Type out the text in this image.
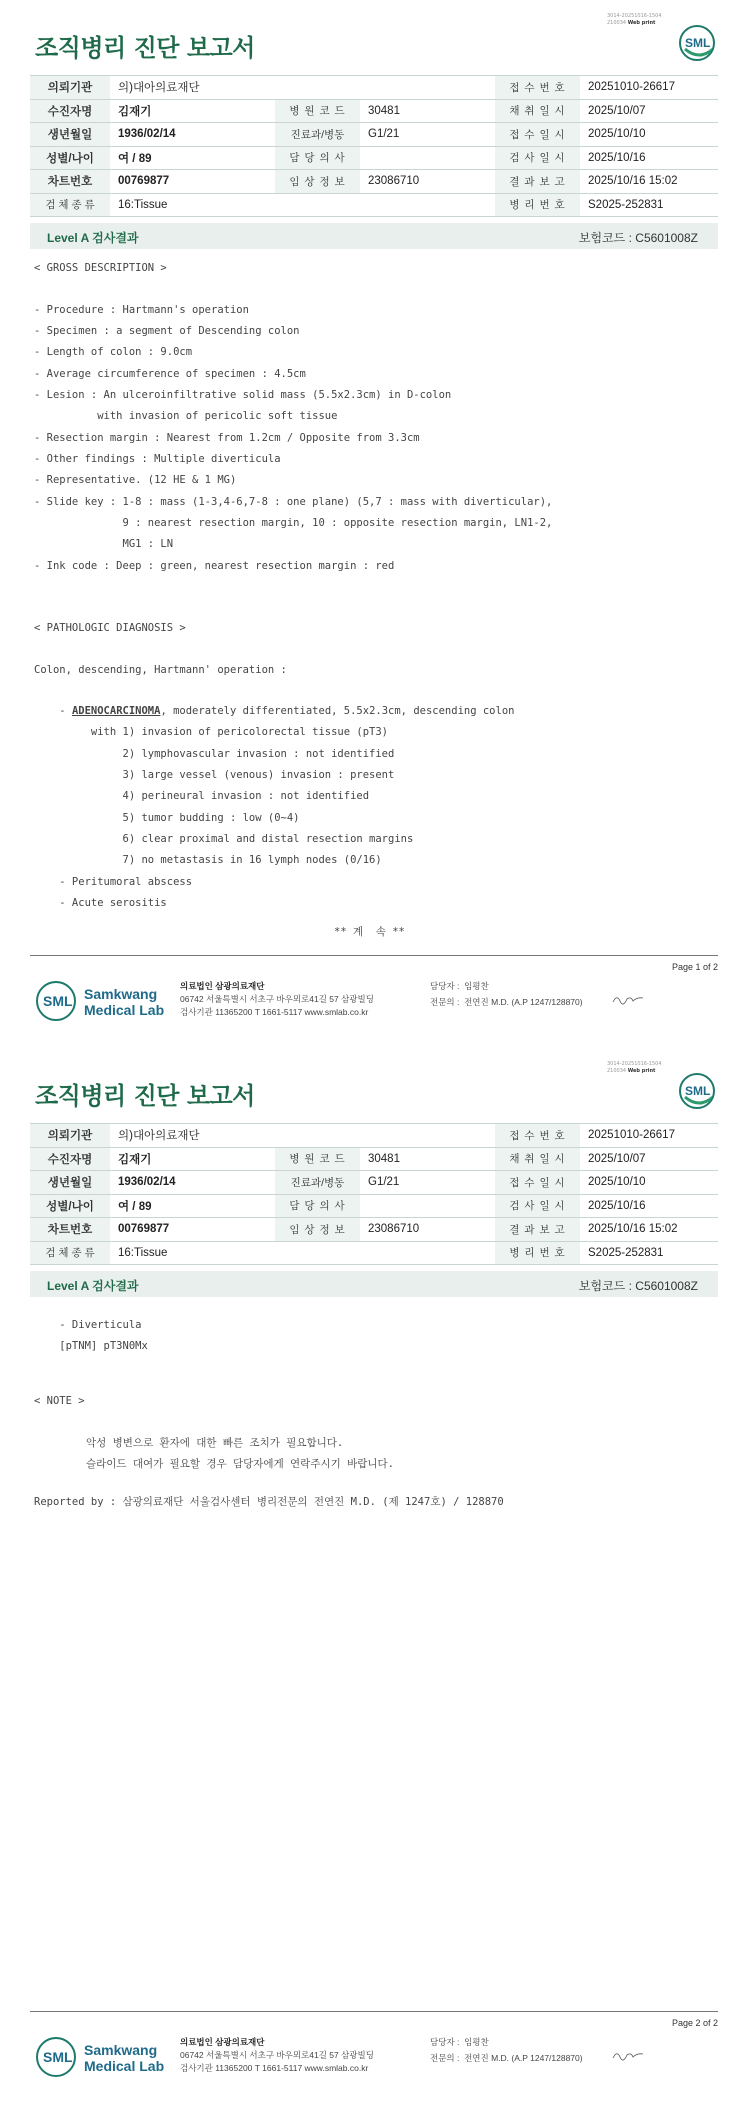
3014-20251016-1504
210034 Web print
조직병리 진단 보고서	SML
의뢰기관	의)대아의료재단			접 수 번 호	20251010-26617
수진자명	김재기	병 원 코 드	30481	채 취 일 시	2025/10/07
생년월일	1936/02/14	진료과/병동	G1/21	접 수 일 시	2025/10/10
성별/나이	여 / 89	담 당 의 사		검 사 일 시	2025/10/16
차트번호	00769877	임 상 정 보	23086710	결 과 보 고	2025/10/16 15:02
검 체 종 류	16:Tissue			병 리 번 호	S2025-252831
Level A 검사결과	보험코드 : C5601008Z
< GROSS DESCRIPTION >
- Procedure : Hartmann's operation
- Specimen : a segment of Descending colon
- Length of colon : 9.0cm
- Average circumference of specimen : 4.5cm
- Lesion : An ulceroinfiltrative solid mass (5.5x2.3cm) in D-colon
with invasion of pericolic soft tissue
- Resection margin : Nearest from 1.2cm / Opposite from 3.3cm
- Other findings : Multiple diverticula
- Representative. (12 HE & 1 MG)
- Slide key : 1-8 : mass (1-3,4-6,7-8 : one plane) (5,7 : mass with diverticular),
9 : nearest resection margin, 10 : opposite resection margin, LN1-2,
MG1 : LN
- Ink code : Deep : green, nearest resection margin : red
< PATHOLOGIC DIAGNOSIS >
Colon, descending, Hartmann' operation :
- ADENOCARCINOMA, moderately differentiated, 5.5x2.3cm, descending colon
with 1) invasion of pericolorectal tissue (pT3)
2) lymphovascular invasion : not identified
3) large vessel (venous) invasion : present
4) perineural invasion : not identified
5) tumor budding : low (0~4)
6) clear proximal and distal resection margins
7) no metastasis in 16 lymph nodes (0/16)
- Peritumoral abscess
- Acute serositis
** 계  속 **
Page 1 of 2
SML Samkwang
Medical Lab
의료법인 삼광의료재단
06742 서울특별시 서초구 바우뫼로41길 57 삼광빌딩
검사기관 11365200 T 1661-5117 www.smlab.co.kr
담당자 : 임평찬
전문의 : 전연진 M.D. (A.P 1247/128870)
3014-20251016-1504
210034 Web print
조직병리 진단 보고서	SML
의뢰기관	의)대아의료재단			접 수 번 호	20251010-26617
수진자명	김재기	병 원 코 드	30481	채 취 일 시	2025/10/07
생년월일	1936/02/14	진료과/병동	G1/21	접 수 일 시	2025/10/10
성별/나이	여 / 89	담 당 의 사		검 사 일 시	2025/10/16
차트번호	00769877	임 상 정 보	23086710	결 과 보 고	2025/10/16 15:02
검 체 종 류	16:Tissue			병 리 번 호	S2025-252831
Level A 검사결과	보험코드 : C5601008Z
- Diverticula
[pTNM] pT3N0Mx
< NOTE >
악성 병변으로 환자에 대한 빠른 조치가 필요합니다.
슬라이드 대여가 필요할 경우 담당자에게 연락주시기 바랍니다.
Reported by : 삼광의료재단 서울검사센터 병리전문의 전연진 M.D. (제 1247호) / 128870
Page 2 of 2
SML Samkwang
Medical Lab
의료법인 삼광의료재단
06742 서울특별시 서초구 바우뫼로41길 57 삼광빌딩
검사기관 11365200 T 1661-5117 www.smlab.co.kr
담당자 : 임평찬
전문의 : 전연진 M.D. (A.P 1247/128870)
